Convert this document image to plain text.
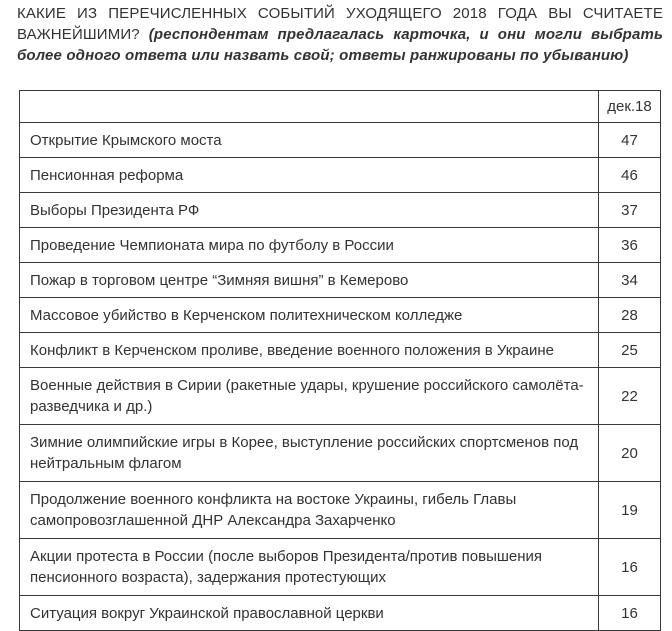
КАКИЕ ИЗ ПЕРЕЧИСЛЕННЫХ СОБЫТИЙ УХОДЯЩЕГО 2018 ГОДА ВЫ СЧИТАЕТЕ ВАЖНЕЙШИМИ? (респондентам предлагалась карточка, и они могли выбрать более одного ответа или назвать свой; ответы ранжированы по убыванию)
	дек.18
Открытие Крымского моста	47
Пенсионная реформа	46
Выборы Президента РФ	37
Проведение Чемпионата мира по футболу в России	36
Пожар в торговом центре “Зимняя вишня” в Кемерово	34
Массовое убийство в Керченском политехническом колледже	28
Конфликт в Керченском проливе, введение военного положения в Украине	25
Военные действия в Сирии (ракетные удары, крушение российского самолёта-разведчика и др.)	22
Зимние олимпийские игры в Корее, выступление российских спортсменов под нейтральным флагом	20
Продолжение военного конфликта на востоке Украины, гибель Главы самопровозглашенной ДНР Александра Захарченко	19
Акции протеста в России (после выборов Президента/против повышения пенсионного возраста), задержания протестующих	16
Ситуация вокруг Украинской православной церкви	16
